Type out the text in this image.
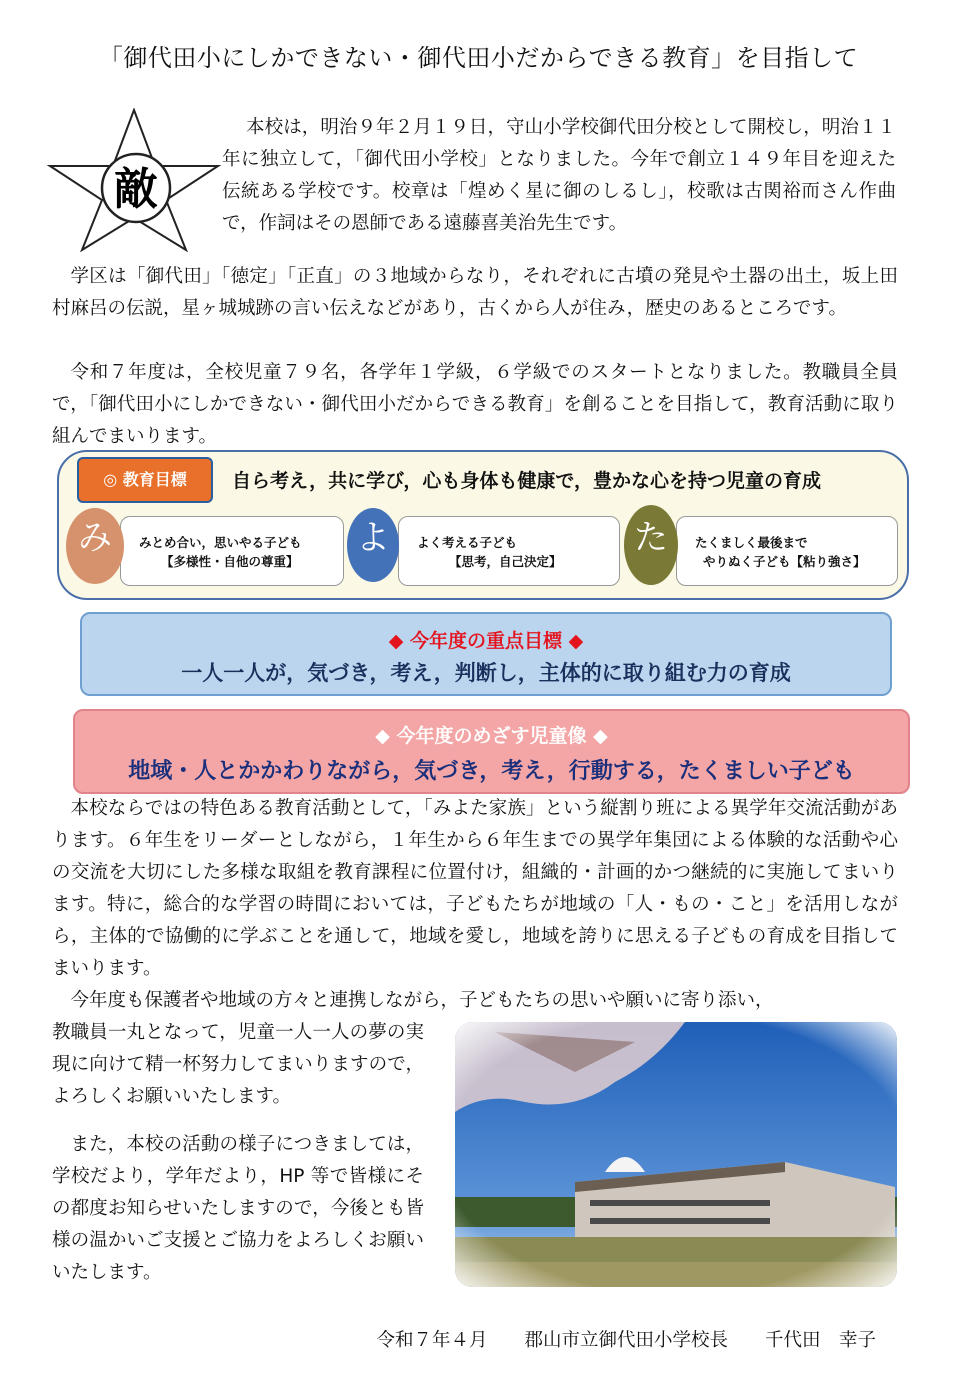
「御代田小にしかできない・御代田小だからできる教育」を目指して
敵

本校は，明治９年２月１９日，守山小学校御代田分校として開校し，明治１１年に独立して，「御代田小学校」となりました。今年で創立１４９年目を迎えた伝統ある学校です。校章は「煌めく星に御のしるし」，校歌は古関裕而さん作曲で，作詞はその恩師である遠藤喜美治先生です。

学区は「御代田」「徳定」「正直」の３地域からなり，それぞれに古墳の発見や土器の出土，坂上田村麻呂の伝説，星ヶ城城跡の言い伝えなどがあり，古くから人が住み，歴史のあるところです。

令和７年度は，全校児童７９名，各学年１学級，６学級でのスタートとなりました。教職員全員で，「御代田小にしかできない・御代田小だからできる教育」を創ることを目指して，教育活動に取り組んでまいります。

◎ 教育目標	自ら考え，共に学び，心も身体も健康で，豊かな心を持つ児童の育成
みとめ合い，思いやる子ども
【多様性・自他の尊重】
よく考える子ども
【思考，自己決定】
たくましく最後まで
やりぬく子ども【粘り強さ】
み	よ	た
◆ 今年度の重点目標 ◆
一人一人が，気づき，考え，判断し，主体的に取り組む力の育成
◆ 今年度のめざす児童像 ◆
地域・人とかかわりながら，気づき，考え，行動する，たくましい子ども

本校ならではの特色ある教育活動として，「みよた家族」という縦割り班による異学年交流活動があります。６年生をリーダーとしながら，１年生から６年生までの異学年集団による体験的な活動や心の交流を大切にした多様な取組を教育課程に位置付け，組織的・計画的かつ継続的に実施してまいります。特に，総合的な学習の時間においては，子どもたちが地域の「人・もの・こと」を活用しながら，主体的で協働的に学ぶことを通して，地域を愛し，地域を誇りに思える子どもの育成を目指してまいります。

今年度も保護者や地域の方々と連携しながら，子どもたちの思いや願いに寄り添い，

教職員一丸となって，児童一人一人の夢の実現に向けて精一杯努力してまいりますので，よろしくお願いいたします。

また，本校の活動の様子につきましては，学校だより，学年だより，HP 等で皆様にその都度お知らせいたしますので，今後とも皆様の温かいご支援とご協力をよろしくお願いいたします。

令和７年４月　　郡山市立御代田小学校長　　千代田　幸子
